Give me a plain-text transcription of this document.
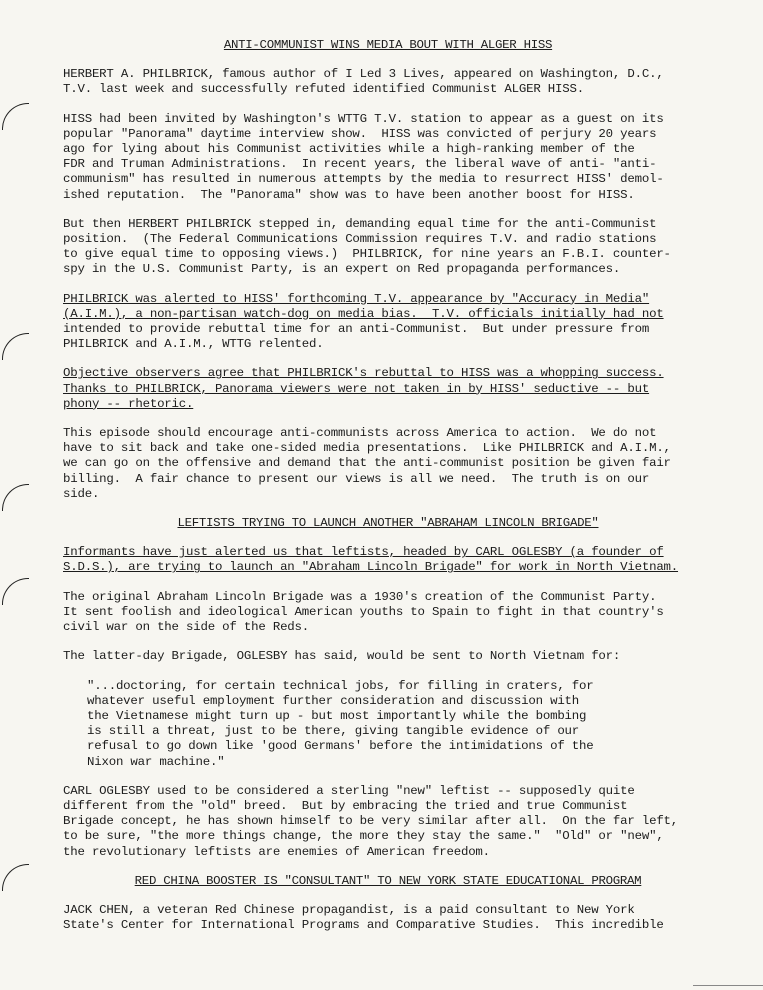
ANTI-COMMUNIST WINS MEDIA BOUT WITH ALGER HISS
HERBERT A. PHILBRICK, famous author of I Led 3 Lives, appeared on Washington, D.C.,
T.V. last week and successfully refuted identified Communist ALGER HISS.
HISS had been invited by Washington's WTTG T.V. station to appear as a guest on its
popular "Panorama" daytime interview show.  HISS was convicted of perjury 20 years
ago for lying about his Communist activities while a high-ranking member of the
FDR and Truman Administrations.  In recent years, the liberal wave of anti- "anti-
communism" has resulted in numerous attempts by the media to resurrect HISS' demol-
ished reputation.  The "Panorama" show was to have been another boost for HISS.
But then HERBERT PHILBRICK stepped in, demanding equal time for the anti-Communist
position.  (The Federal Communications Commission requires T.V. and radio stations
to give equal time to opposing views.)  PHILBRICK, for nine years an F.B.I. counter-
spy in the U.S. Communist Party, is an expert on Red propaganda performances.
PHILBRICK was alerted to HISS' forthcoming T.V. appearance by "Accuracy in Media"
(A.I.M.), a non-partisan watch-dog on media bias.  T.V. officials initially had not
intended to provide rebuttal time for an anti-Communist.  But under pressure from
PHILBRICK and A.I.M., WTTG relented.
Objective observers agree that PHILBRICK's rebuttal to HISS was a whopping success.
Thanks to PHILBRICK, Panorama viewers were not taken in by HISS' seductive -- but
phony -- rhetoric.
This episode should encourage anti-communists across America to action.  We do not
have to sit back and take one-sided media presentations.  Like PHILBRICK and A.I.M.,
we can go on the offensive and demand that the anti-communist position be given fair
billing.  A fair chance to present our views is all we need.  The truth is on our
side.
LEFTISTS TRYING TO LAUNCH ANOTHER "ABRAHAM LINCOLN BRIGADE"
Informants have just alerted us that leftists, headed by CARL OGLESBY (a founder of
S.D.S.), are trying to launch an "Abraham Lincoln Brigade" for work in North Vietnam.
The original Abraham Lincoln Brigade was a 1930's creation of the Communist Party.
It sent foolish and ideological American youths to Spain to fight in that country's
civil war on the side of the Reds.
The latter-day Brigade, OGLESBY has said, would be sent to North Vietnam for:
"...doctoring, for certain technical jobs, for filling in craters, for
whatever useful employment further consideration and discussion with
the Vietnamese might turn up - but most importantly while the bombing
is still a threat, just to be there, giving tangible evidence of our
refusal to go down like 'good Germans' before the intimidations of the
Nixon war machine."
CARL OGLESBY used to be considered a sterling "new" leftist -- supposedly quite
different from the "old" breed.  But by embracing the tried and true Communist
Brigade concept, he has shown himself to be very similar after all.  On the far left,
to be sure, "the more things change, the more they stay the same."  "Old" or "new",
the revolutionary leftists are enemies of American freedom.
RED CHINA BOOSTER IS "CONSULTANT" TO NEW YORK STATE EDUCATIONAL PROGRAM
JACK CHEN, a veteran Red Chinese propagandist, is a paid consultant to New York
State's Center for International Programs and Comparative Studies.  This incredible
